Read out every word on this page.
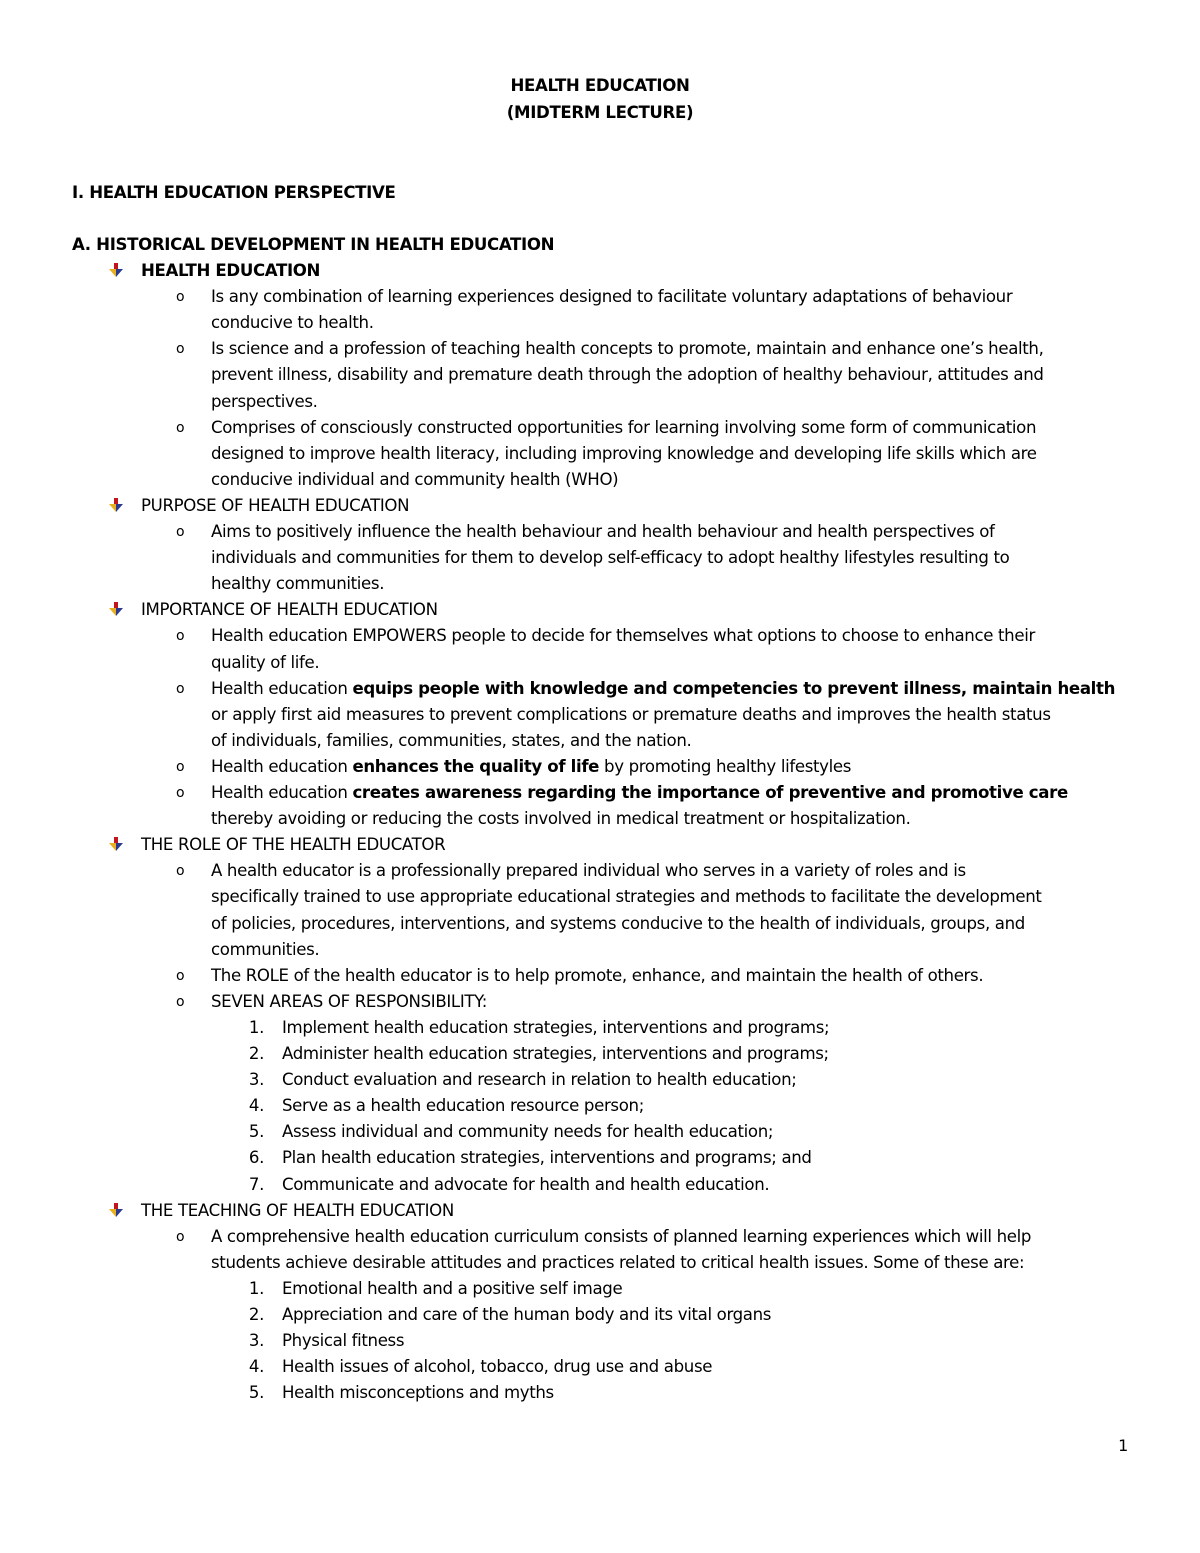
HEALTH EDUCATION
(MIDTERM LECTURE)
I. HEALTH EDUCATION PERSPECTIVE
A. HISTORICAL DEVELOPMENT IN HEALTH EDUCATION
HEALTH EDUCATION
o Is any combination of learning experiences designed to facilitate voluntary adaptations of behaviour
conducive to health.
o Is science and a profession of teaching health concepts to promote, maintain and enhance one’s health,
prevent illness, disability and premature death through the adoption of healthy behaviour, attitudes and
perspectives.
o Comprises of consciously constructed opportunities for learning involving some form of communication
designed to improve health literacy, including improving knowledge and developing life skills which are
conducive individual and community health (WHO)
PURPOSE OF HEALTH EDUCATION
o Aims to positively influence the health behaviour and health behaviour and health perspectives of
individuals and communities for them to develop self-efficacy to adopt healthy lifestyles resulting to
healthy communities.
IMPORTANCE OF HEALTH EDUCATION
o Health education EMPOWERS people to decide for themselves what options to choose to enhance their
quality of life.
o Health education equips people with knowledge and competencies to prevent illness, maintain health
or apply first aid measures to prevent complications or premature deaths and improves the health status
of individuals, families, communities, states, and the nation.
o Health education enhances the quality of life by promoting healthy lifestyles
o Health education creates awareness regarding the importance of preventive and promotive care
thereby avoiding or reducing the costs involved in medical treatment or hospitalization.
THE ROLE OF THE HEALTH EDUCATOR
o A health educator is a professionally prepared individual who serves in a variety of roles and is
specifically trained to use appropriate educational strategies and methods to facilitate the development
of policies, procedures, interventions, and systems conducive to the health of individuals, groups, and
communities.
o The ROLE of the health educator is to help promote, enhance, and maintain the health of others.
o SEVEN AREAS OF RESPONSIBILITY:
1. Implement health education strategies, interventions and programs;
2. Administer health education strategies, interventions and programs;
3. Conduct evaluation and research in relation to health education;
4. Serve as a health education resource person;
5. Assess individual and community needs for health education;
6. Plan health education strategies, interventions and programs; and
7. Communicate and advocate for health and health education.
THE TEACHING OF HEALTH EDUCATION
o A comprehensive health education curriculum consists of planned learning experiences which will help
students achieve desirable attitudes and practices related to critical health issues. Some of these are:
1. Emotional health and a positive self image
2. Appreciation and care of the human body and its vital organs
3. Physical fitness
4. Health issues of alcohol, tobacco, drug use and abuse
5. Health misconceptions and myths
1
